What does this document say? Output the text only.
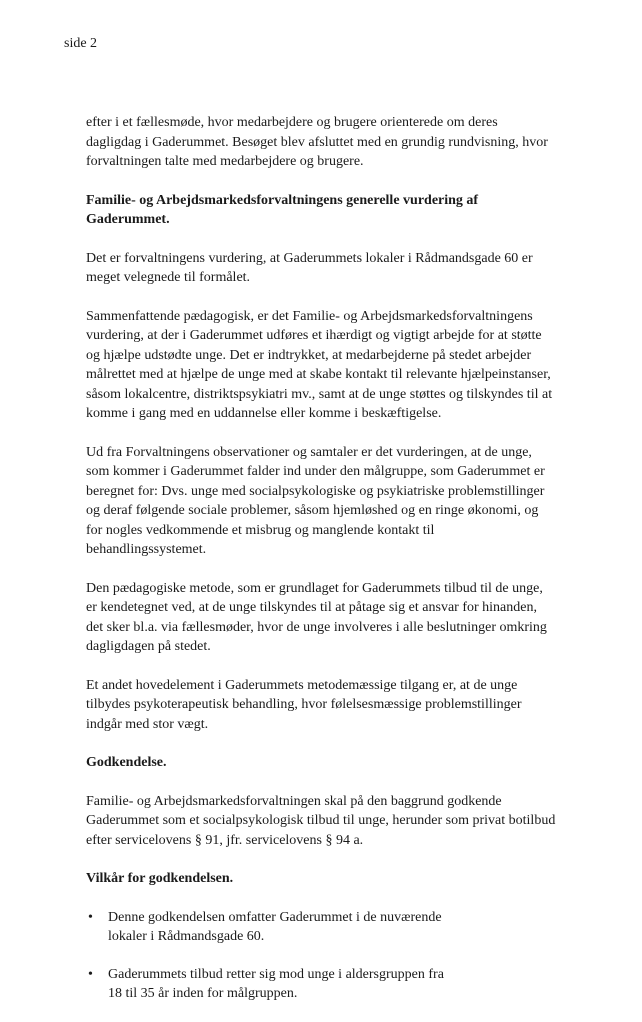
side 2

efter i et fællesmøde, hvor medarbejdere og brugere orienterede om deres dagligdag i Gaderummet. Besøget blev afsluttet med en grundig rundvisning, hvor forvaltningen talte med medarbejdere og brugere.

Familie- og Arbejdsmarkedsforvaltningens generelle vurdering af Gaderummet.

Det er forvaltningens vurdering, at Gaderummets lokaler i Rådmandsgade 60 er meget velegnede til formålet.

Sammenfattende pædagogisk, er det Familie- og Arbejdsmarkedsforvaltningens vurdering, at der i Gaderummet udføres et ihærdigt og vigtigt arbejde for at støtte og hjælpe udstødte unge. Det er indtrykket, at medarbejderne på stedet arbejder målrettet med at hjælpe de unge med at skabe kontakt til relevante hjælpeinstanser, såsom lokalcentre, distriktspsykiatri mv., samt at de unge støttes og tilskyndes til at komme i gang med en uddannelse eller komme i beskæftigelse.

Ud fra Forvaltningens observationer og samtaler er det vurderingen, at de unge, som kommer i Gaderummet falder ind under den målgruppe, som Gaderummet er beregnet for: Dvs. unge med socialpsykologiske og psykiatriske problemstillinger og deraf følgende sociale problemer, såsom hjemløshed og en ringe økonomi, og for nogles vedkommende et misbrug og manglende kontakt til behandlingssystemet.

Den pædagogiske metode, som er grundlaget for Gaderummets tilbud til de unge, er kendetegnet ved, at de unge tilskyndes til at påtage sig et ansvar for hinanden, det sker bl.a. via fællesmøder, hvor de unge involveres i alle beslutninger omkring dagligdagen på stedet.

Et andet hovedelement i Gaderummets metodemæssige tilgang er, at de unge tilbydes psykoterapeutisk behandling, hvor følelsesmæssige problemstillinger indgår med stor vægt.

Godkendelse.

Familie- og Arbejdsmarkedsforvaltningen skal på den baggrund godkende Gaderummet som et socialpsykologisk tilbud til unge, herunder som privat botilbud efter servicelovens § 91, jfr. servicelovens § 94 a.

Vilkår for godkendelsen.
• Denne godkendelsen omfatter Gaderummet i de nuværende lokaler i Rådmandsgade 60.
• Gaderummets tilbud retter sig mod unge i aldersgruppen fra 18 til 35 år inden for målgruppen.
